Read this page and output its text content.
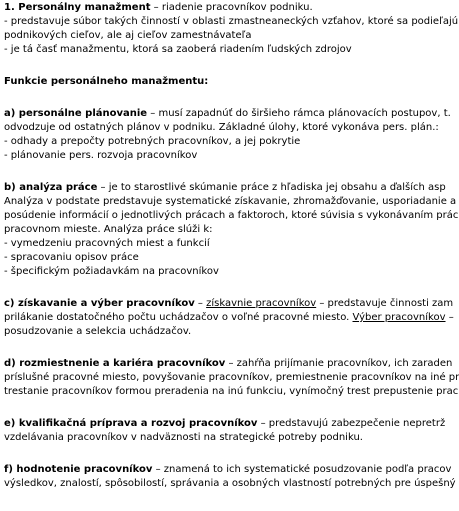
1. Personálny manažment – riadenie pracovníkov podniku.
- predstavuje súbor takých činností v oblasti zmastneaneckých vzťahov, ktoré sa podieľajú
podnikových cieľov, ale aj cieľov zamestnávateľa
- je tá časť manažmentu, ktorá sa zaoberá riadením ľudských zdrojov
Funkcie personálneho manažmentu:
a) personálne plánovanie – musí zapadnúť do širšieho rámca plánovacích postupov, t.
odvodzuje od ostatných plánov v podniku. Základné úlohy, ktoré vykonáva pers. plán.:
- odhady a prepočty potrebných pracovníkov, a jej pokrytie
- plánovanie pers. rozvoja pracovníkov
b) analýza práce – je to starostlivé skúmanie práce z hľadiska jej obsahu a ďalších asp
Analýza v podstate predstavuje systematické získavanie, zhromažďovanie, usporiadanie a
posúdenie informácií o jednotlivých prácach a faktoroch, ktoré súvisia s vykonávaním prác
pracovnom mieste. Analýza práce slúži k:
- vymedzeniu pracovných miest a funkcií
- spracovaniu opisov práce
- špecifickým požiadavkám na pracovníkov
c) získavanie a výber pracovníkov – získavnie pracovníkov – predstavuje činnosti zam
prilákanie dostatočného počtu uchádzačov o voľné pracovné miesto. Výber pracovníkov –
posudzovanie a selekcia uchádzačov.
d) rozmiestnenie a kariéra pracovníkov – zahŕňa prijímanie pracovníkov, ich zaraden
príslušné pracovné miesto, povyšovanie pracovníkov, premiestnenie pracovníkov na iné pr
trestanie pracovníkov formou preradenia na inú funkciu, vynímočný trest prepustenie prac
e) kvalifikačná príprava a rozvoj pracovníkov – predstavujú zabezpečenie nepretrž
vzdelávania pracovníkov v nadväznosti na strategické potreby podniku.
f) hodnotenie pracovníkov – znamená to ich systematické posudzovanie podľa pracov
výsledkov, znalostí, spôsobilostí, správania a osobných vlastností potrebných pre úspešný
